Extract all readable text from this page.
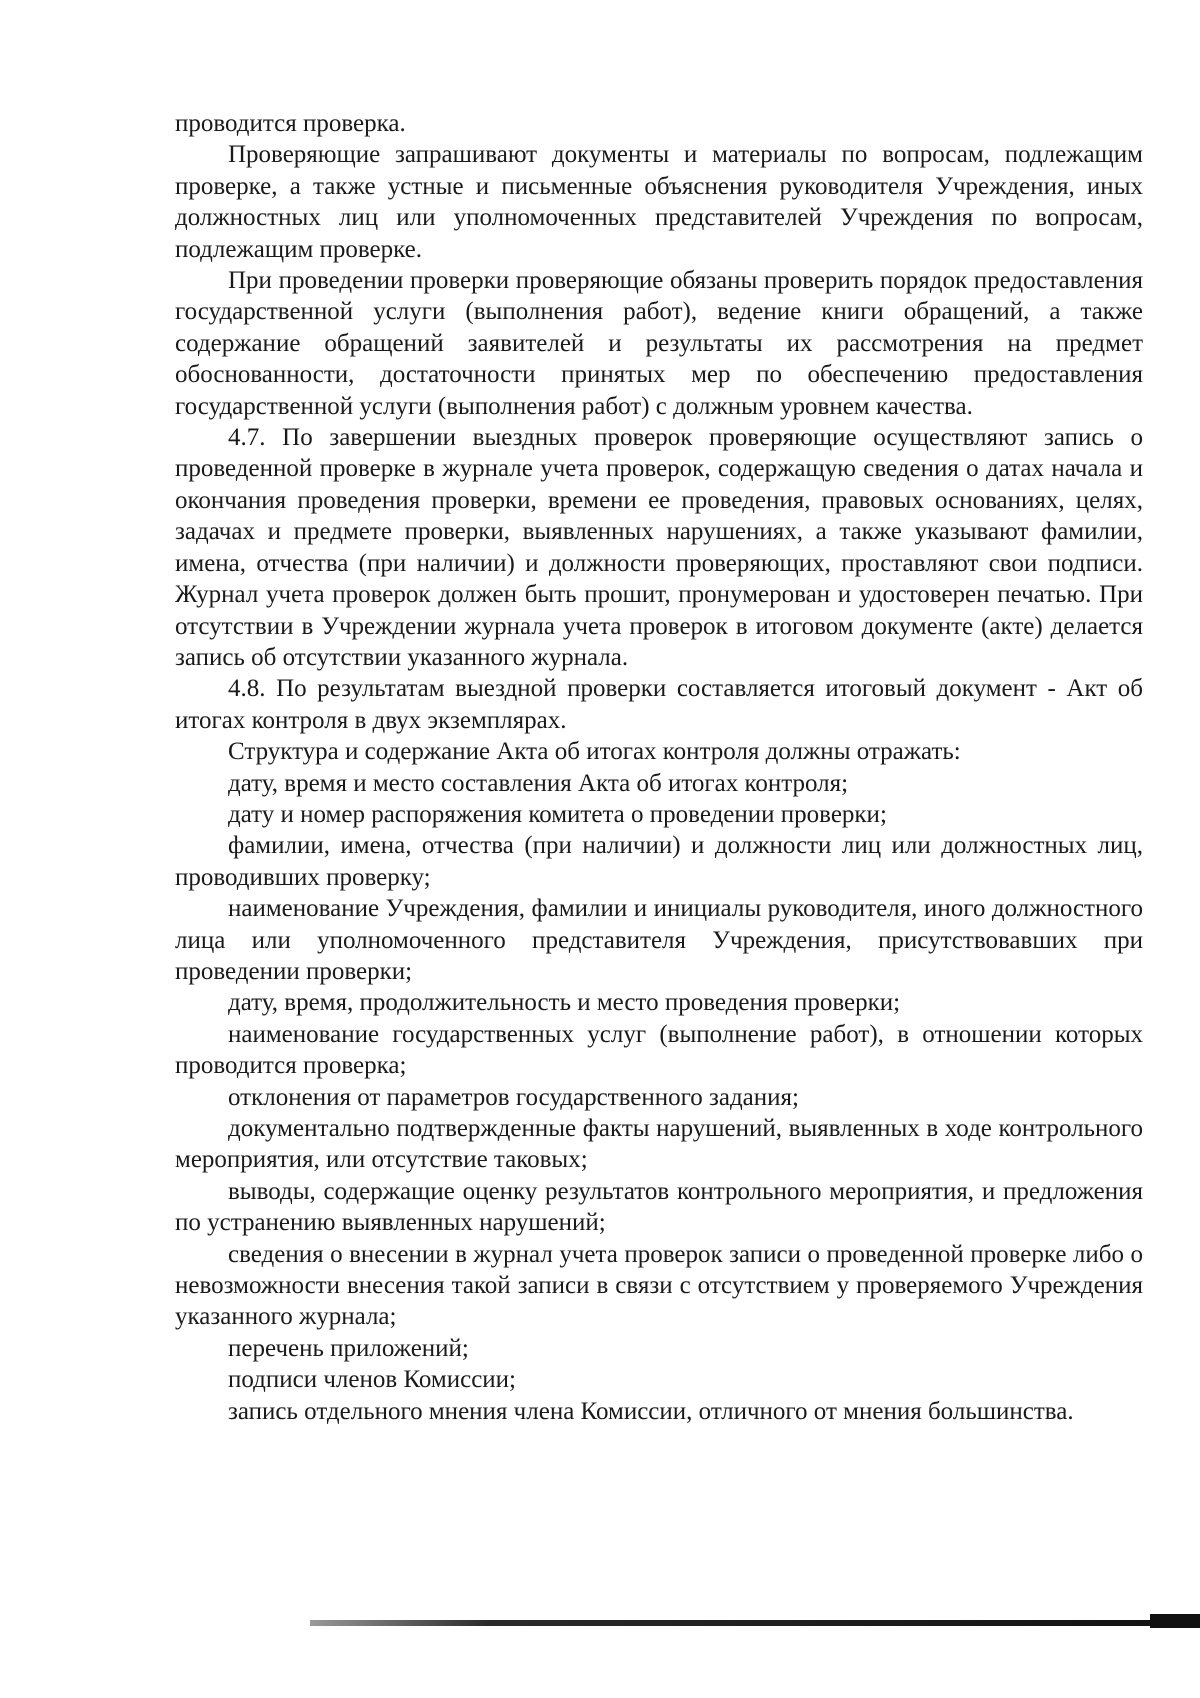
проводится проверка.

Проверяющие запрашивают документы и материалы по вопросам, подлежащим проверке, а также устные и письменные объяснения руководителя Учреждения, иных должностных лиц или уполномоченных представителей Учреждения по вопросам, подлежащим проверке.

При проведении проверки проверяющие обязаны проверить порядок предоставления государственной услуги (выполнения работ), ведение книги обращений, а также содержание обращений заявителей и результаты их рассмотрения на предмет обоснованности, достаточности принятых мер по обеспечению предоставления государственной услуги (выполнения работ) с должным уровнем качества.

4.7. По завершении выездных проверок проверяющие осуществляют запись о проведенной проверке в журнале учета проверок, содержащую сведения о датах начала и окончания проведения проверки, времени ее проведения, правовых основаниях, целях, задачах и предмете проверки, выявленных нарушениях, а также указывают фамилии, имена, отчества (при наличии) и должности проверяющих, проставляют свои подписи. Журнал учета проверок должен быть прошит, пронумерован и удостоверен печатью. При отсутствии в Учреждении журнала учета проверок в итоговом документе (акте) делается запись об отсутствии указанного журнала.

4.8. По результатам выездной проверки составляется итоговый документ - Акт об итогах контроля в двух экземплярах.

Структура и содержание Акта об итогах контроля должны отражать:

дату, время и место составления Акта об итогах контроля;

дату и номер распоряжения комитета о проведении проверки;

фамилии, имена, отчества (при наличии) и должности лиц или должностных лиц, проводивших проверку;

наименование Учреждения, фамилии и инициалы руководителя, иного должностного лица или уполномоченного представителя Учреждения, присутствовавших при проведении проверки;

дату, время, продолжительность и место проведения проверки;

наименование государственных услуг (выполнение работ), в отношении которых проводится проверка;

отклонения от параметров государственного задания;

документально подтвержденные факты нарушений, выявленных в ходе контрольного мероприятия, или отсутствие таковых;

выводы, содержащие оценку результатов контрольного мероприятия, и предложения по устранению выявленных нарушений;

сведения о внесении в журнал учета проверок записи о проведенной проверке либо о невозможности внесения такой записи в связи с отсутствием у проверяемого Учреждения указанного журнала;

перечень приложений;

подписи членов Комиссии;

запись отдельного мнения члена Комиссии, отличного от мнения большинства.
